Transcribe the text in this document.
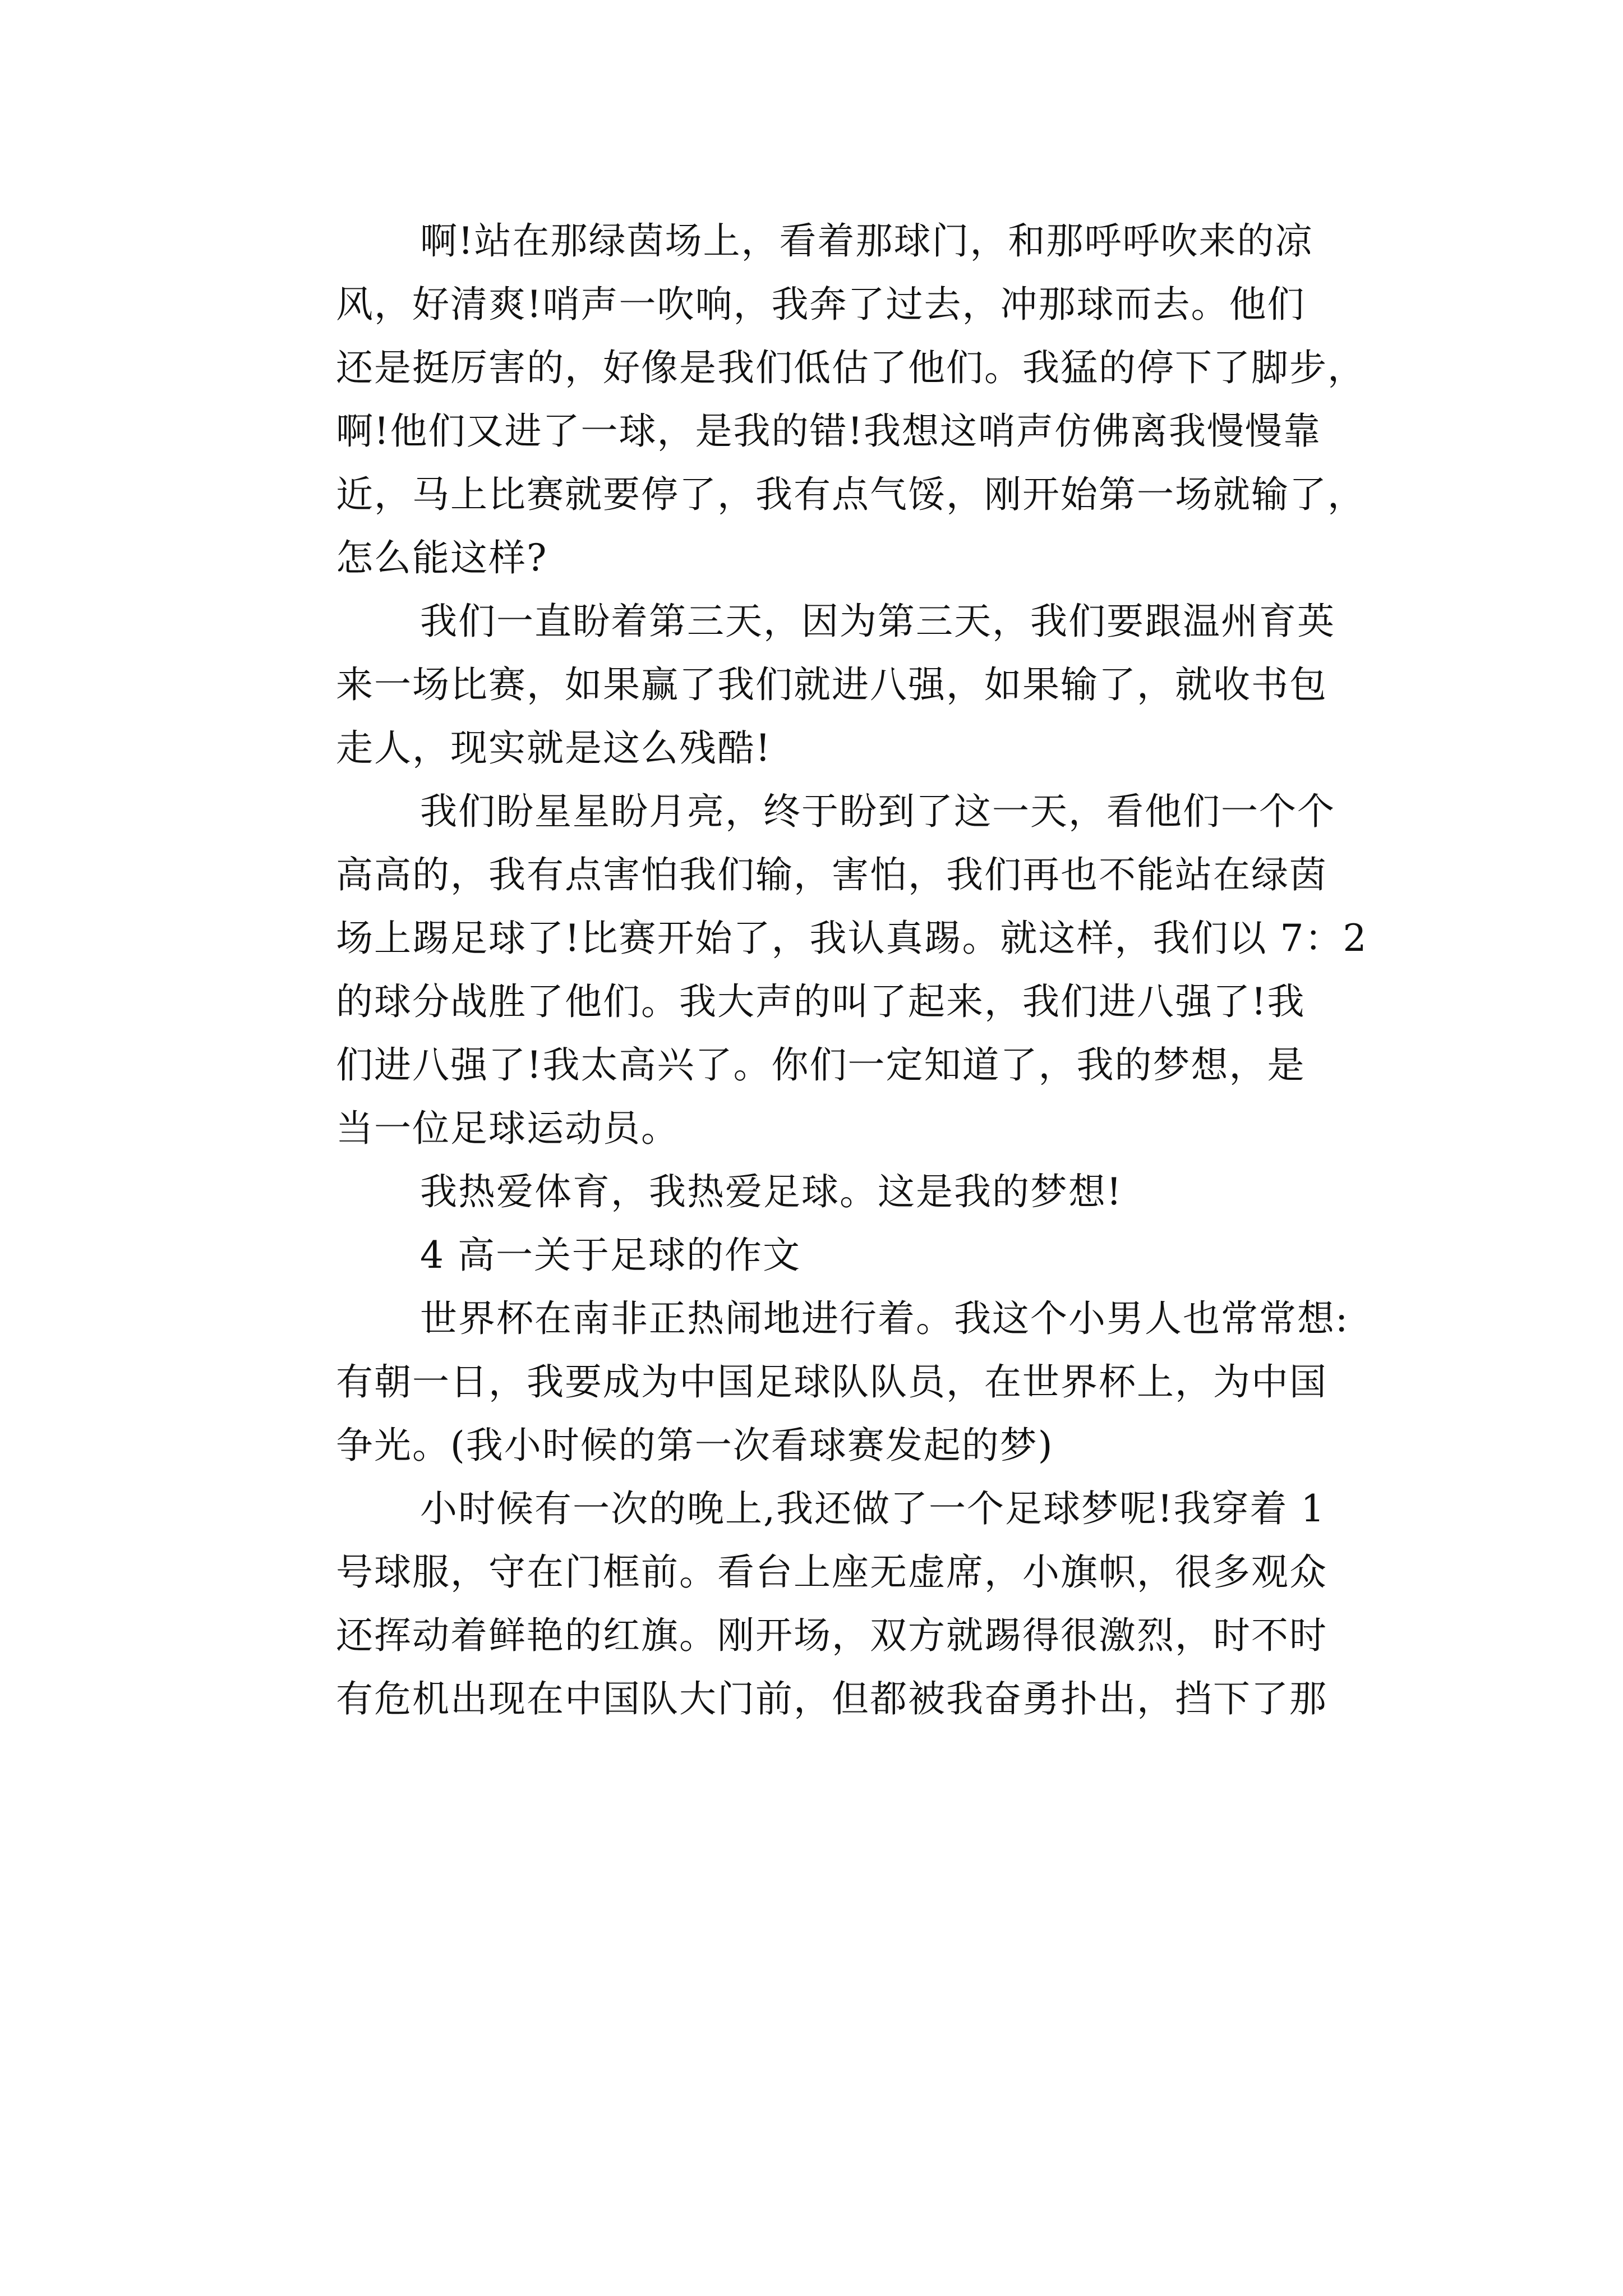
啊!站在那绿茵场上，看着那球门，和那呼呼吹来的凉
风，好清爽!哨声一吹响，我奔了过去，冲那球而去。他们
还是挺厉害的，好像是我们低估了他们。我猛的停下了脚步，
啊!他们又进了一球，是我的错!我想这哨声仿佛离我慢慢靠
近，马上比赛就要停了，我有点气馁，刚开始第一场就输了，
怎么能这样?

我们一直盼着第三天，因为第三天，我们要跟温州育英
来一场比赛，如果赢了我们就进八强，如果输了，就收书包
走人，现实就是这么残酷!

我们盼星星盼月亮，终于盼到了这一天，看他们一个个
高高的，我有点害怕我们输，害怕，我们再也不能站在绿茵
场上踢足球了!比赛开始了，我认真踢。就这样，我们以 7：2
的球分战胜了他们。我大声的叫了起来，我们进八强了!我
们进八强了!我太高兴了。你们一定知道了，我的梦想，是
当一位足球运动员。

我热爱体育，我热爱足球。这是我的梦想!

4 高一关于足球的作文

世界杯在南非正热闹地进行着。我这个小男人也常常想:
有朝一日，我要成为中国足球队队员，在世界杯上，为中国
争光。(我小时候的第一次看球赛发起的梦)

小时候有一次的晚上,我还做了一个足球梦呢!我穿着 1
号球服，守在门框前。看台上座无虚席，小旗帜，很多观众
还挥动着鲜艳的红旗。刚开场，双方就踢得很激烈，时不时
有危机出现在中国队大门前，但都被我奋勇扑出，挡下了那
